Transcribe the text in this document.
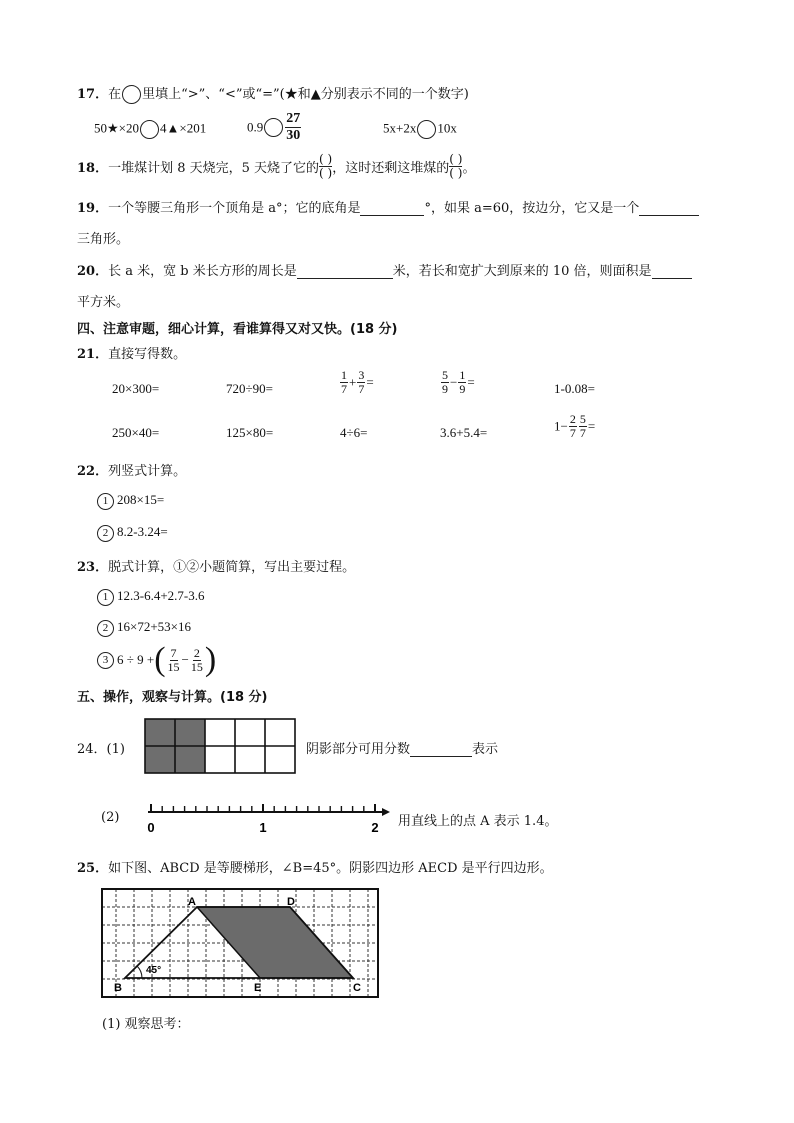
17．在 里填上“>”、“<”或“=”(★和▲分别表示不同的一个数字)
50★×20 4▲×201	$0.9 \frac{27}{30}$	5x+2x 10x
18．一堆煤计划 8 天烧完，5 天烧了它的
( )
( ) ，这时还剩这堆煤的
( )
( ) 。
19．一个等腰三角形一个顶角是 a°；它的底角是	°，如果 a=60，按边分，它又是一个
三角形。
20．长 a 米，宽 b 米长方形的周长是	米，若长和宽扩大到原来的 10 倍，则面积是
平方米。
四、注意审题，细心计算，看谁算得又对又快。(18 分)
21．直接写得数。
20×300=	720÷90=	$\frac{1}{7} + \frac{3}{7}$ =	$\frac{5}{9} - \frac{1}{9}$ =	1-0.08=
250×40=	125×80=	4÷6=	3.6+5.4=	$1- \frac{2}{7} \frac{5}{7}$ =
22．列竖式计算。
1 208×15=
2 8.2-3.24=
23．脱式计算，①②小题简算，写出主要过程。
1 12.3-6.4+2.7-3.6
2 16×72+53×16
3 6 ÷ 9 +( $\frac{7}{15} - \frac{2}{15}$ )
五、操作，观察与计算。(18 分)
24．(1)	阴影部分可用分数	表示
(2)
0	1	2 用直线上的点 A 表示 1.4。
25．如下图、ABCD 是等腰梯形，∠B=45°。阴影四边形 AECD 是平行四边形。
A	D
B	E	C
45°
(1) 观察思考：
